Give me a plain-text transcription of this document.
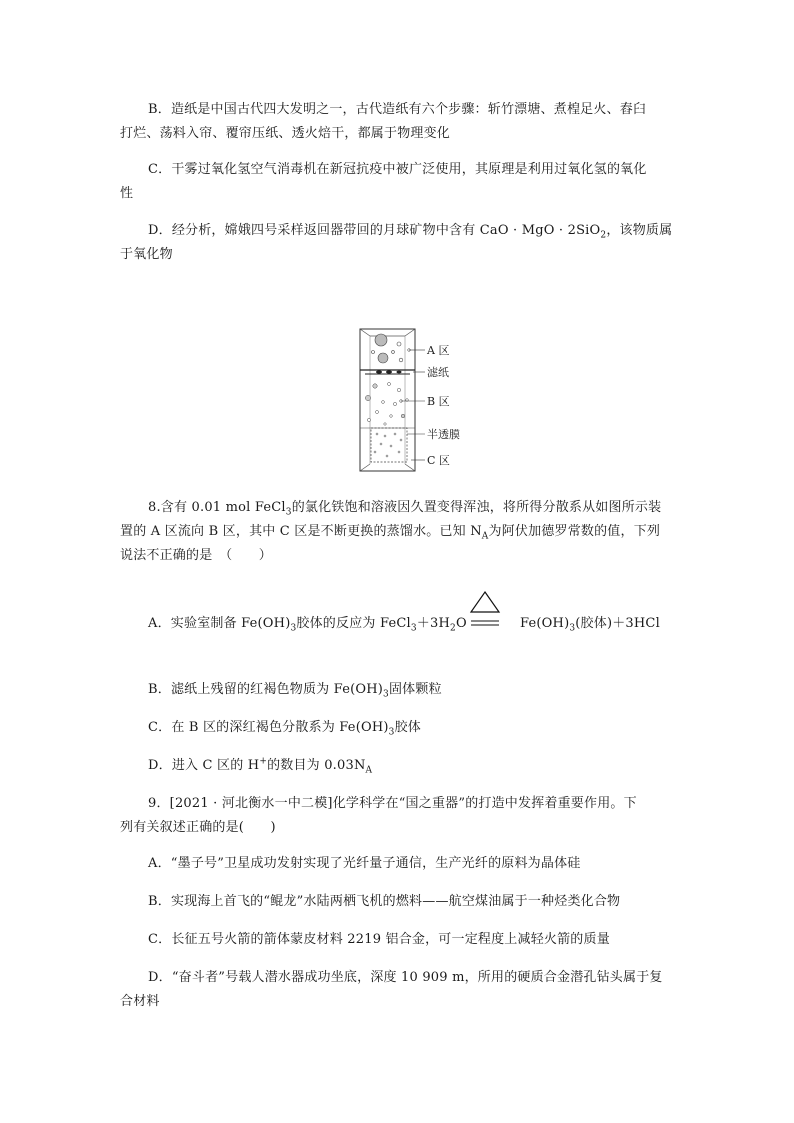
B．造纸是中国古代四大发明之一，古代造纸有六个步骤：斩竹漂塘、煮楻足火、舂臼
打烂、荡料入帘、覆帘压纸、透火焙干，都属于物理变化
C．干雾过氧化氢空气消毒机在新冠抗疫中被广泛使用，其原理是利用过氧化氢的氧化
性
D．经分析，嫦娥四号采样返回器带回的月球矿物中含有 CaO · MgO · 2SiO$_2$，该物质属
于氧化物
A 区
滤纸
B 区
半透膜
C 区
8.含有 0.01 mol FeCl$_3$的氯化铁饱和溶液因久置变得浑浊，将所得分散系从如图所示装
置的 A 区流向 B 区，其中 C 区是不断更换的蒸馏水。已知 $N_A$为阿伏加德罗常数的值，下列
说法不正确的是　（　　）
A．实验室制备 $Fe(OH)_3$胶体的反应为 $FeCl_3+3H_2O$	$Fe(OH)_3$(胶体)＋3HCl
B．滤纸上残留的红褐色物质为 $Fe(OH)_3$固体颗粒
C．在 B 区的深红褐色分散系为 $Fe(OH)_3$胶体
D．进入 C 区的 H+的数目为 $0.03N_A$
9．[2021 · 河北衡水一中二模]化学科学在“国之重器”的打造中发挥着重要作用。下
列有关叙述正确的是(　　)
A．“墨子号”卫星成功发射实现了光纤量子通信，生产光纤的原料为晶体硅
B．实现海上首飞的“鲲龙”水陆两栖飞机的燃料——航空煤油属于一种烃类化合物
C．长征五号火箭的箭体蒙皮材料 2219 铝合金，可一定程度上减轻火箭的质量
D．“奋斗者”号载人潜水器成功坐底，深度 10 909 m，所用的硬质合金潜孔钻头属于复
合材料
